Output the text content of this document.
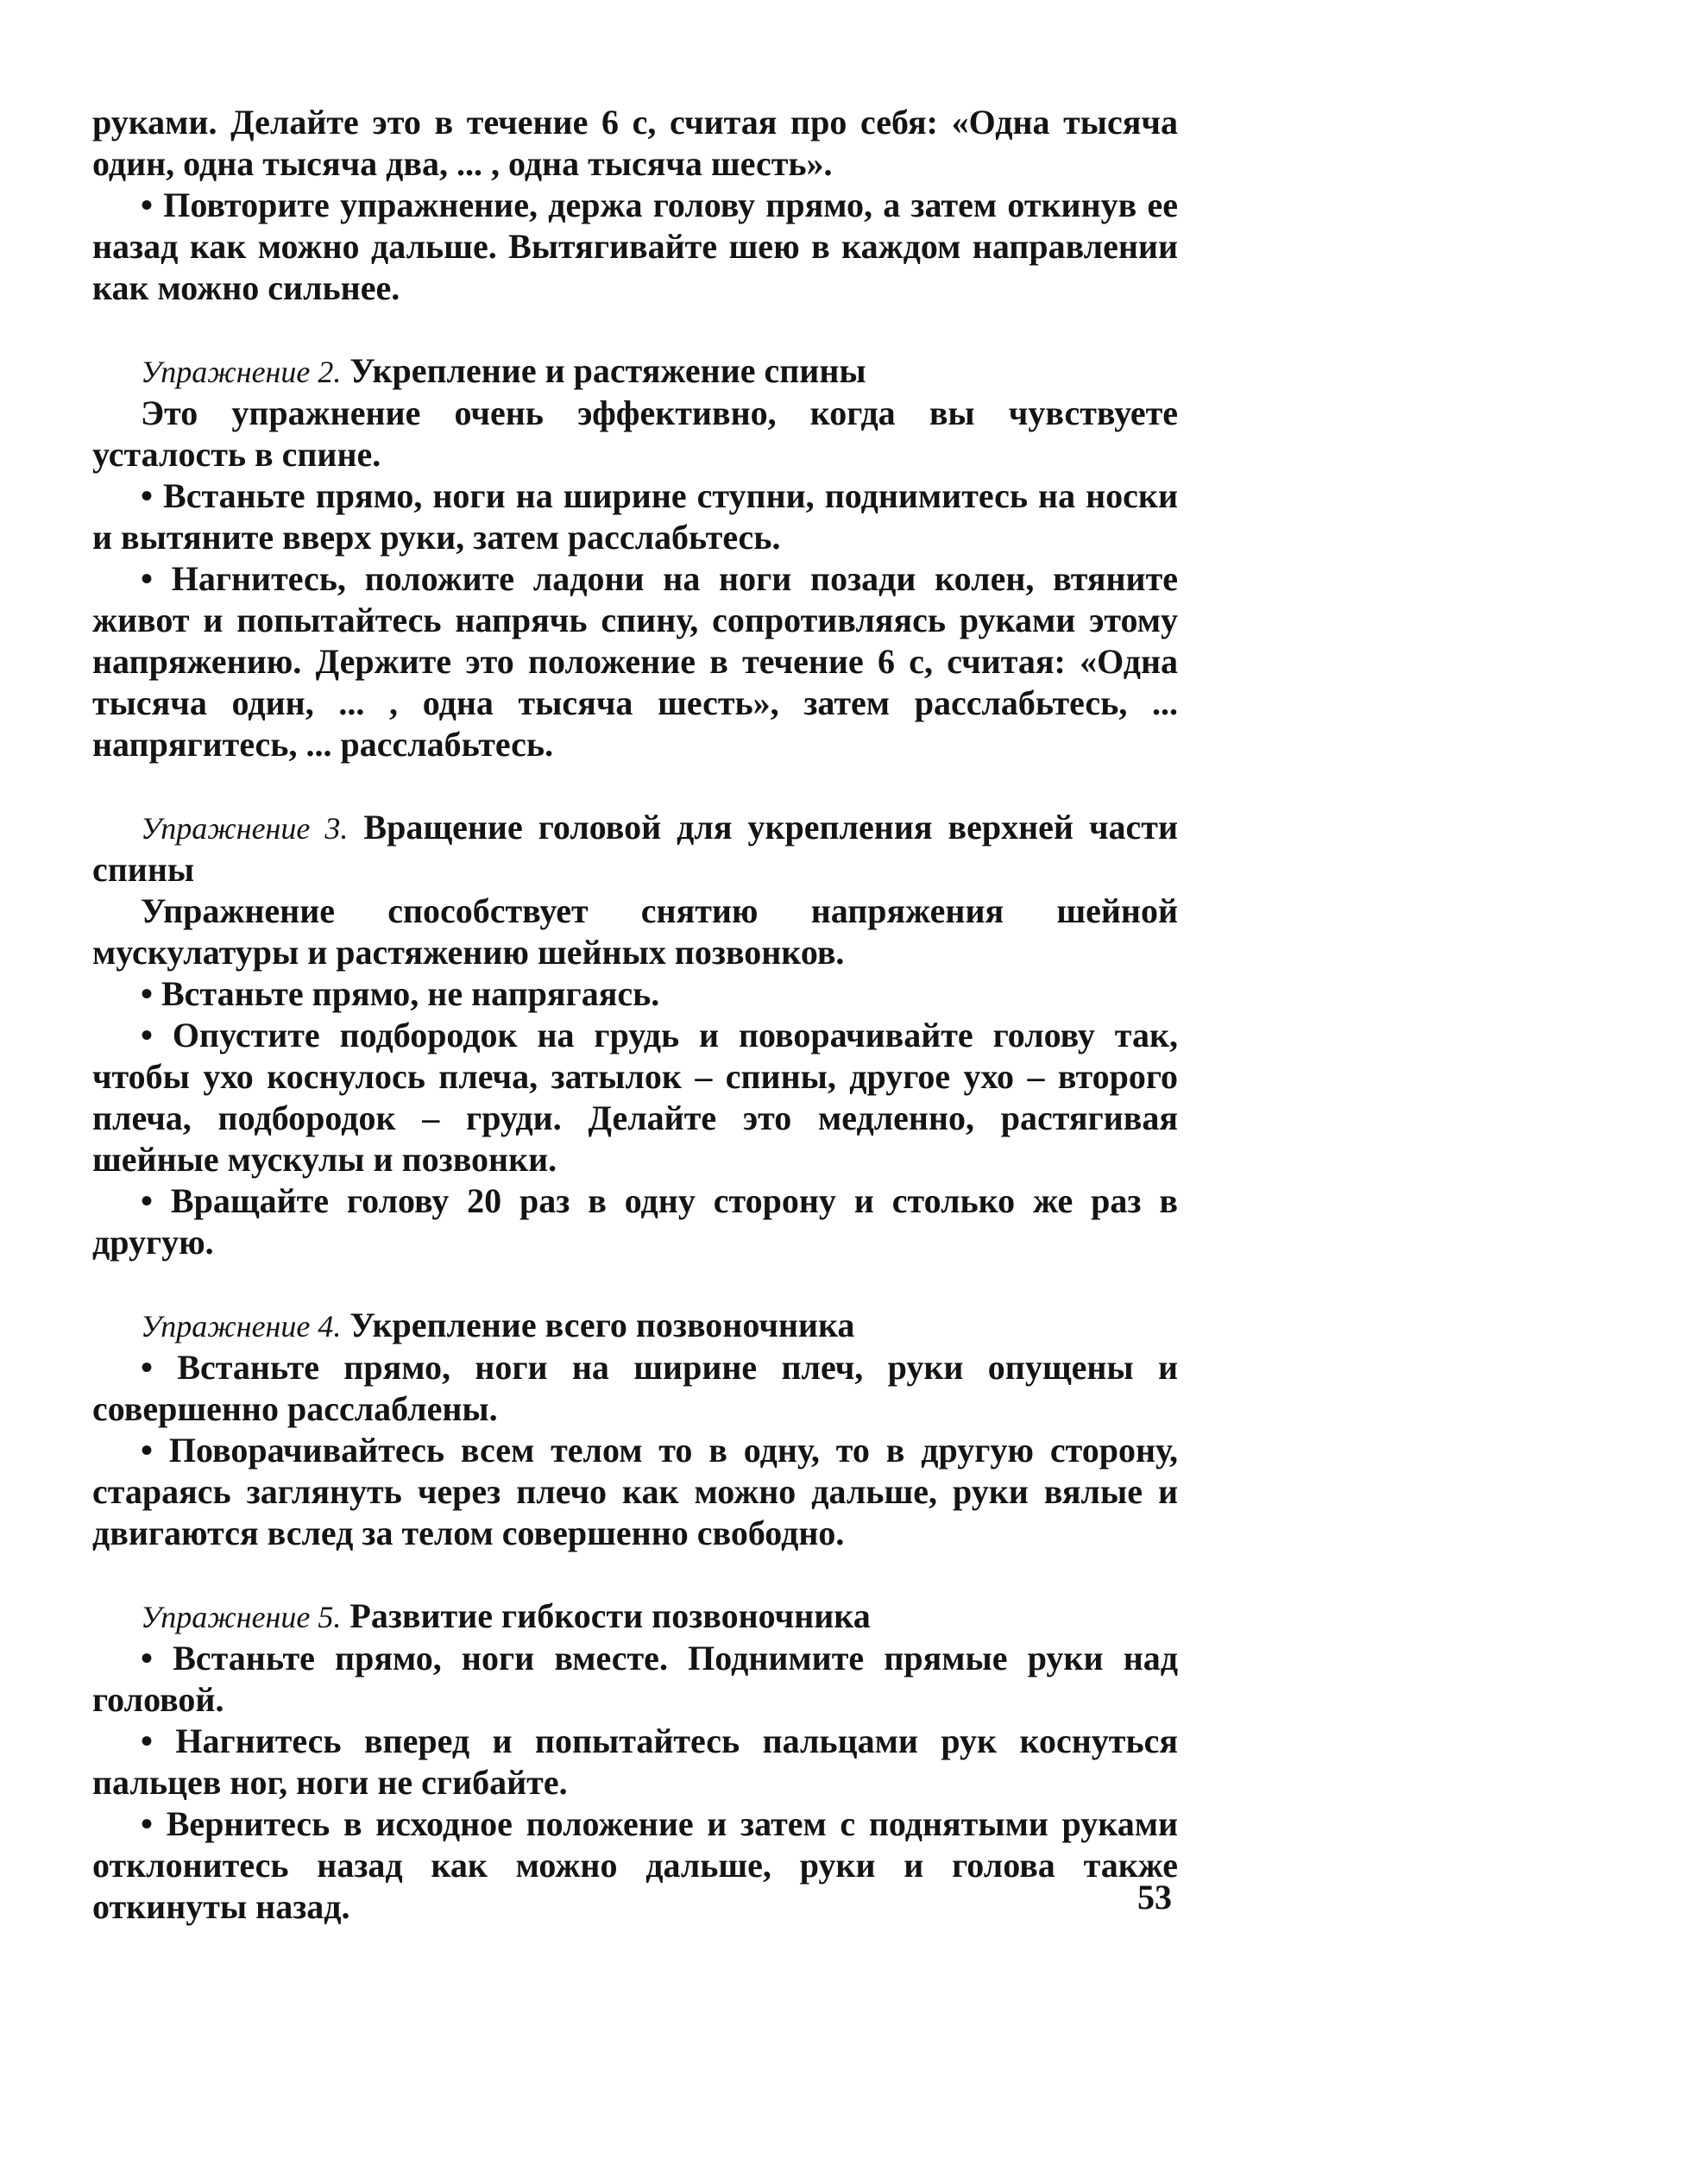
руками. Делайте это в течение 6 с, считая про себя: «Одна тысяча один, одна тысяча два, ... , одна тысяча шесть».

• Повторите упражнение, держа голову прямо, а затем откинув ее назад как можно дальше. Вытягивайте шею в каждом направлении как можно сильнее.

Упражнение 2. Укрепление и растяжение спины

Это упражнение очень эффективно, когда вы чувствуете усталость в спине.

• Встаньте прямо, ноги на ширине ступни, поднимитесь на носки и вытяните вверх руки, затем расслабьтесь.

• Нагнитесь, положите ладони на ноги позади колен, втяните живот и попытайтесь напрячь спину, сопротивляясь руками этому напряжению. Держите это положение в течение 6 с, считая: «Одна тысяча один, ... , одна тысяча шесть», затем расслабьтесь, ... напрягитесь, ... расслабьтесь.

Упражнение 3. Вращение головой для укрепления верхней части спины

Упражнение способствует снятию напряжения шейной мускулатуры и растяжению шейных позвонков.

• Встаньте прямо, не напрягаясь.

• Опустите подбородок на грудь и поворачивайте голову так, чтобы ухо коснулось плеча, затылок – спины, другое ухо – второго плеча, подбородок – груди. Делайте это медленно, растягивая шейные мускулы и позвонки.

• Вращайте голову 20 раз в одну сторону и столько же раз в другую.

Упражнение 4. Укрепление всего позвоночника

• Встаньте прямо, ноги на ширине плеч, руки опущены и совершенно расслаблены.

• Поворачивайтесь всем телом то в одну, то в другую сторону, стараясь заглянуть через плечо как можно дальше, руки вялые и двигаются вслед за телом совершенно свободно.

Упражнение 5. Развитие гибкости позвоночника

• Встаньте прямо, ноги вместе. Поднимите прямые руки над головой.

• Нагнитесь вперед и попытайтесь пальцами рук коснуться пальцев ног, ноги не сгибайте.

• Вернитесь в исходное положение и затем с поднятыми руками отклонитесь назад как можно дальше, руки и голова также откинуты назад.	53
